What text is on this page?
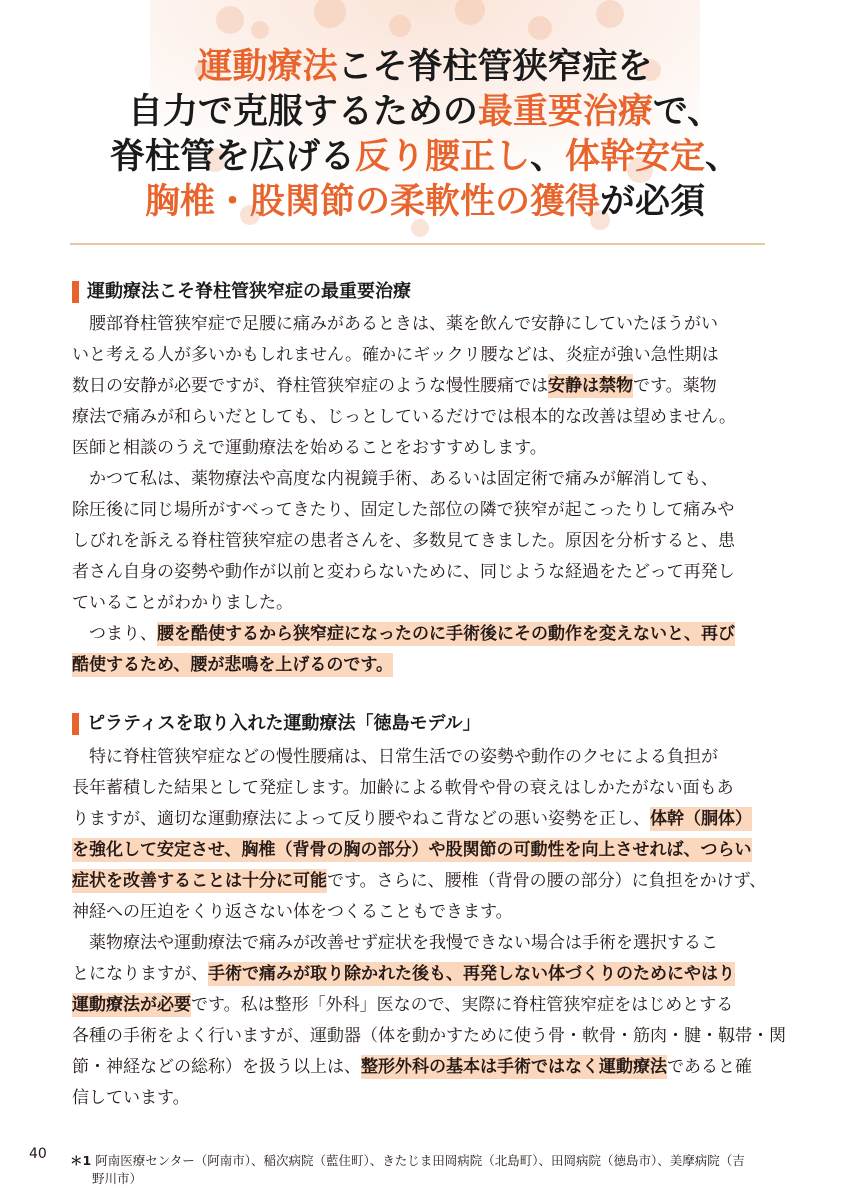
運動療法こそ脊柱管狭窄症を
自力で克服するための最重要治療で、
脊柱管を広げる反り腰正し、体幹安定、
胸椎・股関節の柔軟性の獲得が必須
運動療法こそ脊柱管狭窄症の最重要治療
　腰部脊柱管狭窄症で足腰に痛みがあるときは、薬を飲んで安静にしていたほうがい
いと考える人が多いかもしれません。確かにギックリ腰などは、炎症が強い急性期は
数日の安静が必要ですが、脊柱管狭窄症のような慢性腰痛では安静は禁物です。薬物
療法で痛みが和らいだとしても、じっとしているだけでは根本的な改善は望めません。
医師と相談のうえで運動療法を始めることをおすすめします。
　かつて私は、薬物療法や高度な内視鏡手術、あるいは固定術で痛みが解消しても、
除圧後に同じ場所がすべってきたり、固定した部位の隣で狭窄が起こったりして痛みや
しびれを訴える脊柱管狭窄症の患者さんを、多数見てきました。原因を分析すると、患
者さん自身の姿勢や動作が以前と変わらないために、同じような経過をたどって再発し
ていることがわかりました。
　つまり、腰を酷使するから狭窄症になったのに手術後にその動作を変えないと、再び
酷使するため、腰が悲鳴を上げるのです。
ピラティスを取り入れた運動療法「徳島モデル」
　特に脊柱管狭窄症などの慢性腰痛は、日常生活での姿勢や動作のクセによる負担が
長年蓄積した結果として発症します。加齢による軟骨や骨の衰えはしかたがない面もあ
りますが、適切な運動療法によって反り腰やねこ背などの悪い姿勢を正し、体幹（胴体）
を強化して安定させ、胸椎（背骨の胸の部分）や股関節の可動性を向上させれば、つらい
症状を改善することは十分に可能です。さらに、腰椎（背骨の腰の部分）に負担をかけず、
神経への圧迫をくり返さない体をつくることもできます。
　薬物療法や運動療法で痛みが改善せず症状を我慢できない場合は手術を選択するこ
とになりますが、手術で痛みが取り除かれた後も、再発しない体づくりのためにやはり
運動療法が必要です。私は整形「外科」医なので、実際に脊柱管狭窄症をはじめとする
各種の手術をよく行いますが、運動器（体を動かすために使う骨・軟骨・筋肉・腱・靱帯・関
節・神経などの総称）を扱う以上は、整形外科の基本は手術ではなく運動療法であると確
信しています。
40 ＊1 阿南医療センター（阿南市）、稲次病院（藍住町）、きたじま田岡病院（北島町）、田岡病院（徳島市）、美摩病院（吉
野川市）
